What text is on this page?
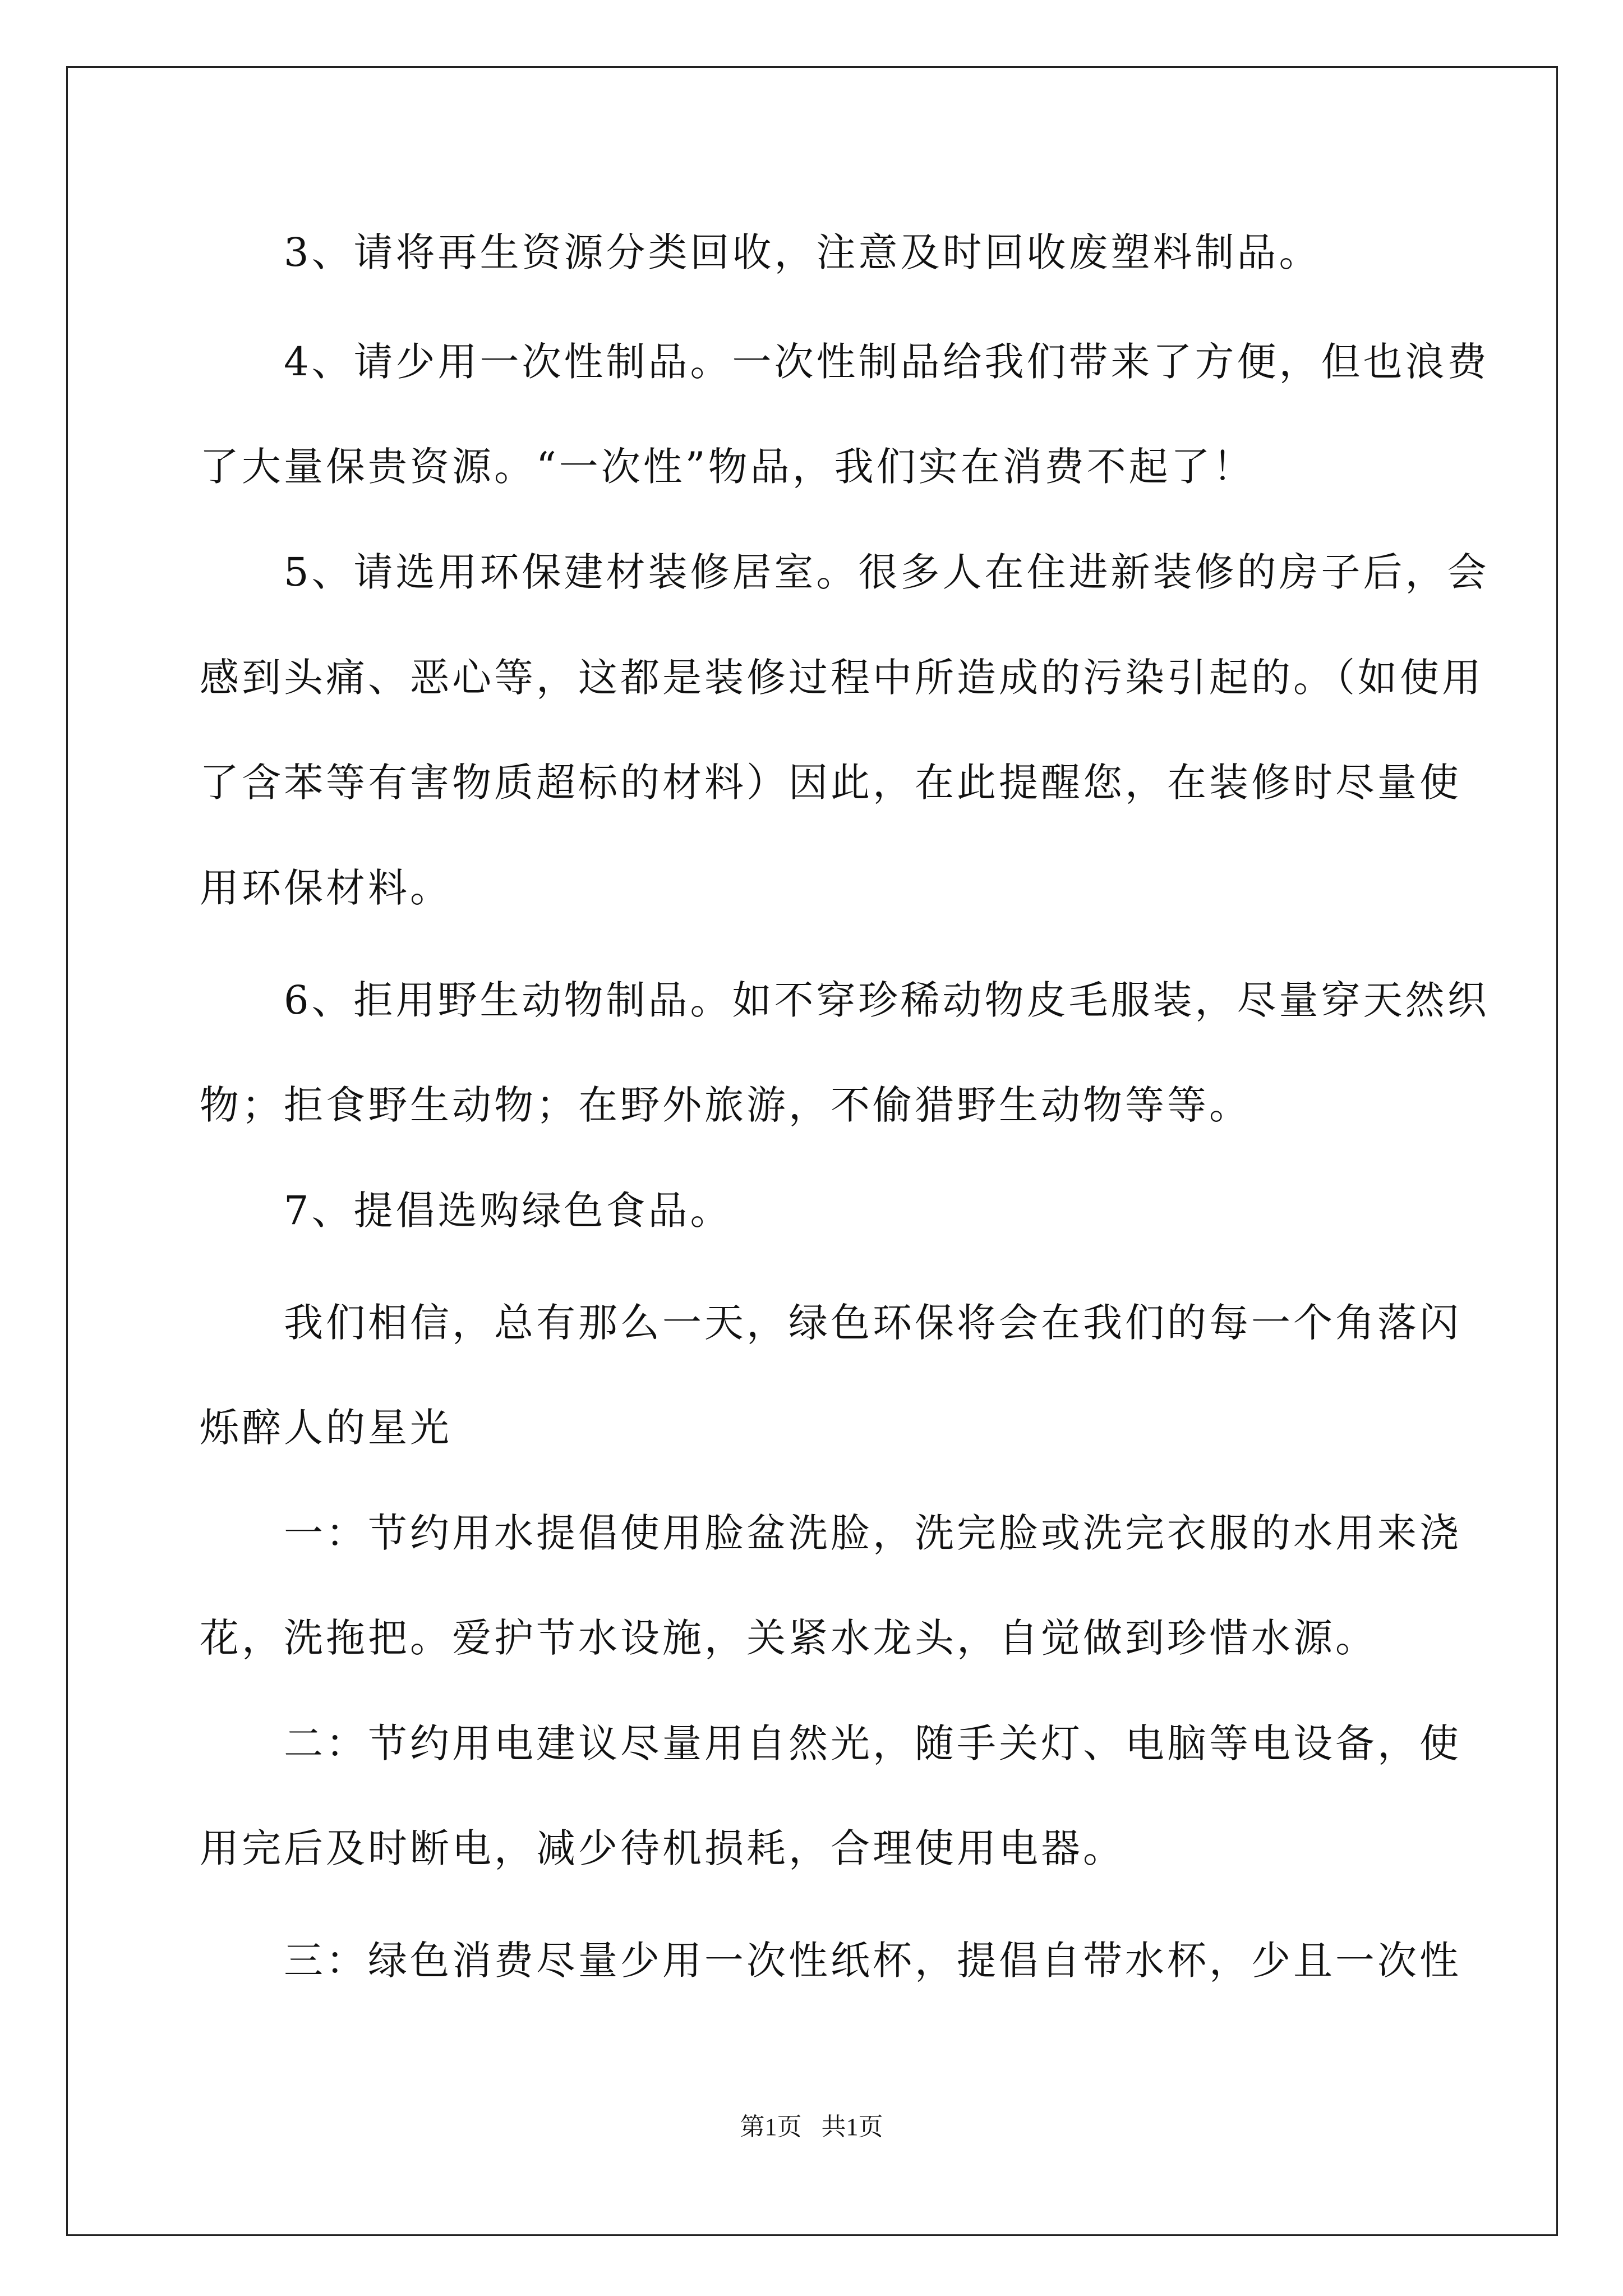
3、请将再生资源分类回收，注意及时回收废塑料制品。
4、请少用一次性制品。一次性制品给我们带来了方便，但也浪费
了大量保贵资源。“一次性”物品，我们实在消费不起了！
5、请选用环保建材装修居室。很多人在住进新装修的房子后，会
感到头痛、恶心等，这都是装修过程中所造成的污染引起的。（如使用
了含苯等有害物质超标的材料）因此，在此提醒您，在装修时尽量使
用环保材料。
6、拒用野生动物制品。如不穿珍稀动物皮毛服装，尽量穿天然织
物；拒食野生动物；在野外旅游，不偷猎野生动物等等。
7、提倡选购绿色食品。
我们相信，总有那么一天，绿色环保将会在我们的每一个角落闪
烁醉人的星光
一：节约用水提倡使用脸盆洗脸，洗完脸或洗完衣服的水用来浇
花，洗拖把。爱护节水设施，关紧水龙头，自觉做到珍惜水源。
二：节约用电建议尽量用自然光，随手关灯、电脑等电设备，使
用完后及时断电，减少待机损耗，合理使用电器。
三：绿色消费尽量少用一次性纸杯，提倡自带水杯，少且一次性
第1页 共1页
